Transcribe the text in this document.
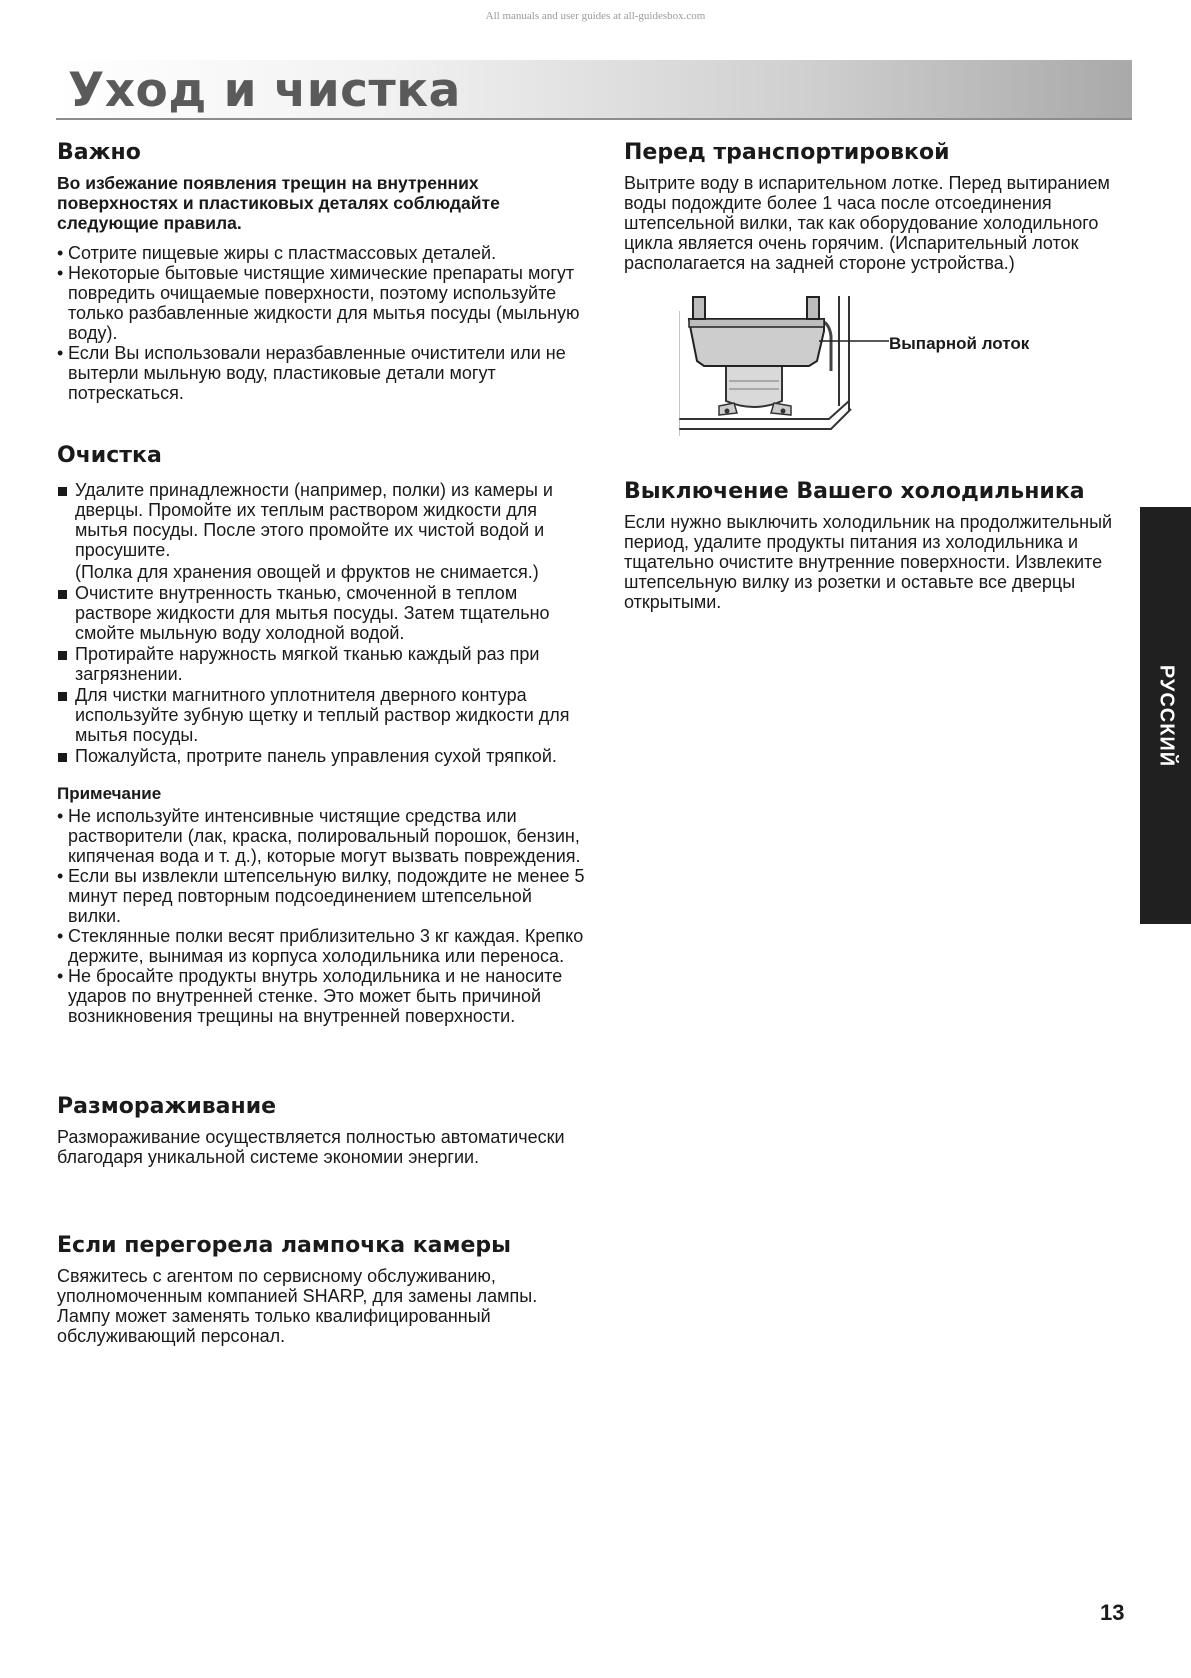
All manuals and user guides at all-guidesbox.com
Уход и чистка
Важно

Во избежание появления трещин на внутренних поверхностях и пластиковых деталях соблюдайте следующие правила.

• Сотрите пищевые жиры с пластмассовых деталей.
• Некоторые бытовые чистящие химические препараты могут повредить очищаемые поверхности, поэтому используйте только разбавленные жидкости для мытья посуды (мыльную воду).
• Если Вы использовали неразбавленные очистители или не вытерли мыльную воду, пластиковые детали могут потрескаться.
Очистка
Удалите принадлежности (например, полки) из камеры и дверцы. Промойте их теплым раствором жидкости для мытья посуды. После этого промойте их чистой водой и просушите.
(Полка для хранения овощей и фруктов не снимается.)
Очистите внутренность тканью, смоченной в теплом растворе жидкости для мытья посуды. Затем тщательно смойте мыльную воду холодной водой.
Протирайте наружность мягкой тканью каждый раз при загрязнении.
Для чистки магнитного уплотнителя дверного контура используйте зубную щетку и теплый раствор жидкости для мытья посуды.
Пожалуйста, протрите панель управления сухой тряпкой.
Примечание
• Не используйте интенсивные чистящие средства или растворители (лак, краска, полировальный порошок, бензин, кипяченая вода и т. д.), которые могут вызвать повреждения.
• Если вы извлекли штепсельную вилку, подождите не менее 5 минут перед повторным подсоединением штепсельной вилки.
• Стеклянные полки весят приблизительно 3 кг каждая. Крепко держите, вынимая из корпуса холодильника или переноса.
• Не бросайте продукты внутрь холодильника и не наносите ударов по внутренней стенке. Это может быть причиной возникновения трещины на внутренней поверхности.
Размораживание

Размораживание осуществляется полностью автоматически благодаря уникальной системе экономии энергии.

Если перегорела лампочка камеры

Свяжитесь с агентом по сервисному обслуживанию, уполномоченным компанией SHARP, для замены лампы. Лампу может заменять только квалифицированный обслуживающий персонал.

Перед транспортировкой

Вытрите воду в испарительном лотке. Перед вытиранием воды подождите более 1 часа после отсоединения штепсельной вилки, так как оборудование холодильного цикла является очень горячим. (Испарительный лоток располагается на задней стороне устройства.)

Выпарной лоток
Выключение Вашего холодильника

Если нужно выключить холодильник на продолжительный период, удалите продукты питания из холодильника и тщательно очистите внутренние поверхности. Извлеките штепсельную вилку из розетки и оставьте все дверцы открытыми.

РУССКИЙ
13
